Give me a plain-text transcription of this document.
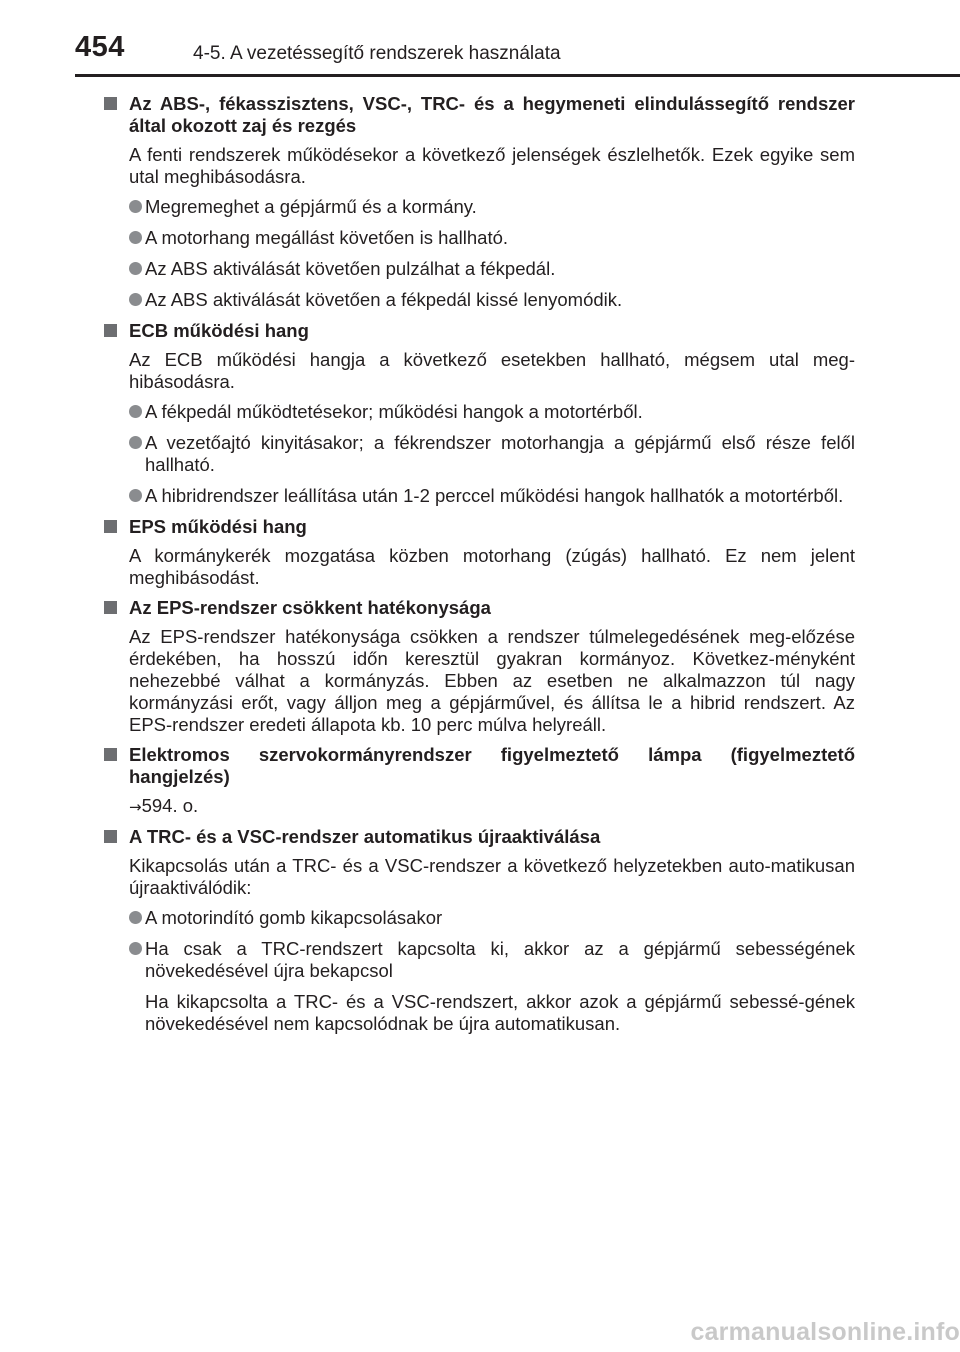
454	4-5. A vezetéssegítő rendszerek használata
Az ABS-, fékasszisztens, VSC-, TRC- és a hegymeneti elindulássegítő rendszer által okozott zaj és rezgés
A fenti rendszerek működésekor a következő jelenségek észlelhetők. Ezek egyike sem utal meghibásodásra.
Megremeghet a gépjármű és a kormány.
A motorhang megállást követően is hallható.
Az ABS aktiválását követően pulzálhat a fékpedál.
Az ABS aktiválását követően a fékpedál kissé lenyomódik.
ECB működési hang
Az ECB működési hangja a következő esetekben hallható, mégsem utal meg-hibásodásra.
A fékpedál működtetésekor; működési hangok a motortérből.
A vezetőajtó kinyitásakor; a fékrendszer motorhangja a gépjármű első része felől hallható.
A hibridrendszer leállítása után 1-2 perccel működési hangok hallhatók a motortérből.
EPS működési hang
A kormánykerék mozgatása közben motorhang (zúgás) hallható. Ez nem jelent meghibásodást.
Az EPS-rendszer csökkent hatékonysága
Az EPS-rendszer hatékonysága csökken a rendszer túlmelegedésének meg-előzése érdekében, ha hosszú időn keresztül gyakran kormányoz. Következ-ményként nehezebbé válhat a kormányzás. Ebben az esetben ne alkalmazzon túl nagy kormányzási erőt, vagy álljon meg a gépjárművel, és állítsa le a hibrid rendszert. Az EPS-rendszer eredeti állapota kb. 10 perc múlva helyreáll.
Elektromos szervokormányrendszer figyelmeztető lámpa (figyelmeztető hangjelzés)
→594. o.
A TRC- és a VSC-rendszer automatikus újraaktiválása
Kikapcsolás után a TRC- és a VSC-rendszer a következő helyzetekben auto-matikusan újraaktiválódik:
A motorindító gomb kikapcsolásakor
Ha csak a TRC-rendszert kapcsolta ki, akkor az a gépjármű sebességének növekedésével újra bekapcsol
Ha kikapcsolta a TRC- és a VSC-rendszert, akkor azok a gépjármű sebessé-gének növekedésével nem kapcsolódnak be újra automatikusan.
carmanualsonline.info
